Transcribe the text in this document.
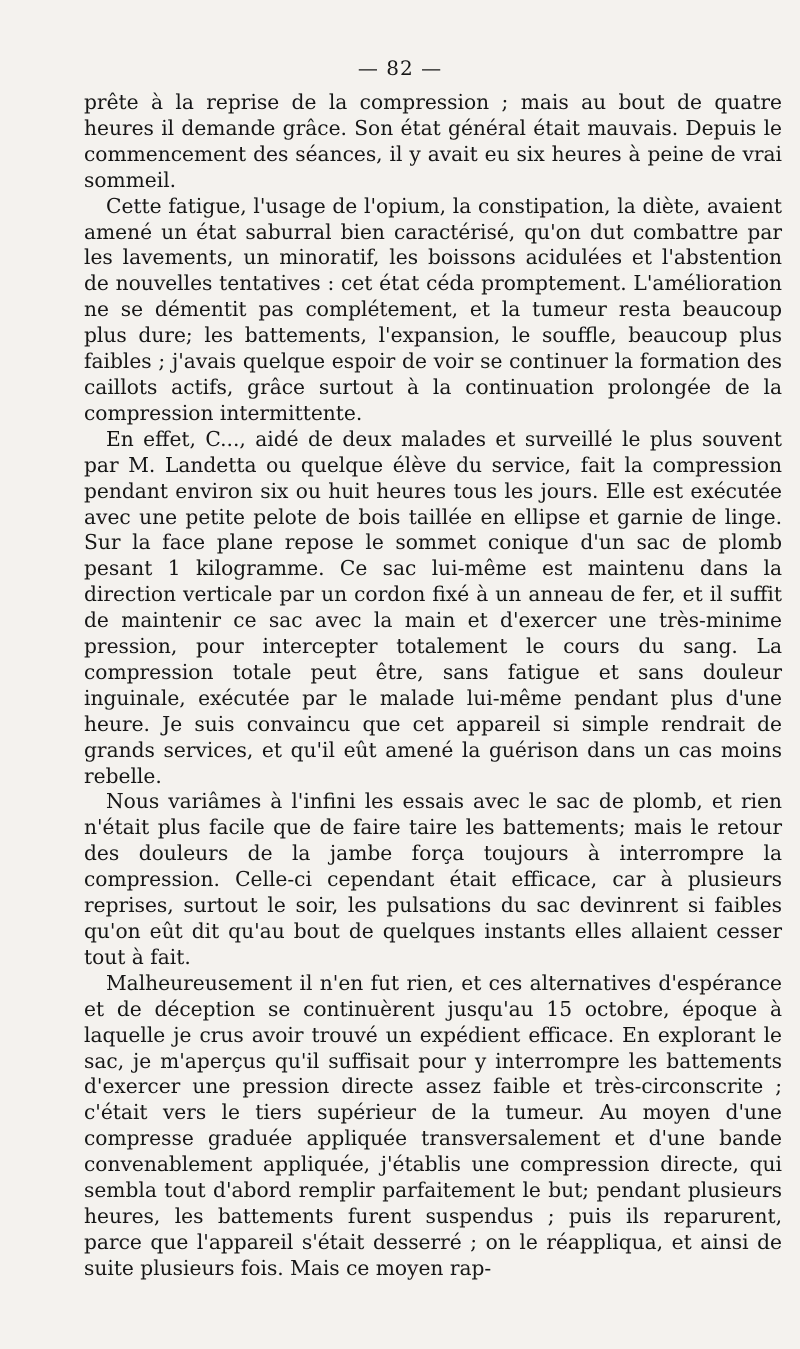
— 82 —

prête à la reprise de la compression ; mais au bout de quatre heures il demande grâce. Son état général était mauvais. Depuis le commencement des séances, il y avait eu six heures à peine de vrai sommeil.

Cette fatigue, l'usage de l'opium, la constipation, la diète, avaient amené un état saburral bien caractérisé, qu'on dut combattre par les lavements, un minoratif, les boissons acidulées et l'abstention de nouvelles tentatives : cet état céda promptement. L'amélioration ne se démentit pas complétement, et la tumeur resta beaucoup plus dure; les battements, l'expansion, le souffle, beaucoup plus faibles ; j'avais quelque espoir de voir se continuer la formation des caillots actifs, grâce surtout à la continuation prolongée de la compression intermittente.

En effet, C..., aidé de deux malades et surveillé le plus souvent par M. Landetta ou quelque élève du service, fait la compression pendant environ six ou huit heures tous les jours. Elle est exécutée avec une petite pelote de bois taillée en ellipse et garnie de linge. Sur la face plane repose le sommet conique d'un sac de plomb pesant 1 kilogramme. Ce sac lui-même est maintenu dans la direction verticale par un cordon fixé à un anneau de fer, et il suffit de maintenir ce sac avec la main et d'exercer une très-minime pression, pour intercepter totalement le cours du sang. La compression totale peut être, sans fatigue et sans douleur inguinale, exécutée par le malade lui-même pendant plus d'une heure. Je suis convaincu que cet appareil si simple rendrait de grands services, et qu'il eût amené la guérison dans un cas moins rebelle.

Nous variâmes à l'infini les essais avec le sac de plomb, et rien n'était plus facile que de faire taire les battements; mais le retour des douleurs de la jambe força toujours à interrompre la compression. Celle-ci cependant était efficace, car à plusieurs reprises, surtout le soir, les pulsations du sac devinrent si faibles qu'on eût dit qu'au bout de quelques instants elles allaient cesser tout à fait.

Malheureusement il n'en fut rien, et ces alternatives d'espérance et de déception se continuèrent jusqu'au 15 octobre, époque à laquelle je crus avoir trouvé un expédient efficace. En explorant le sac, je m'aperçus qu'il suffisait pour y interrompre les battements d'exercer une pression directe assez faible et très-circonscrite ; c'était vers le tiers supérieur de la tumeur. Au moyen d'une compresse graduée appliquée transversalement et d'une bande convenablement appliquée, j'établis une compression directe, qui sembla tout d'abord remplir parfaitement le but; pendant plusieurs heures, les battements furent suspendus ; puis ils reparurent, parce que l'appareil s'était desserré ; on le réappliqua, et ainsi de suite plusieurs fois. Mais ce moyen rap-
